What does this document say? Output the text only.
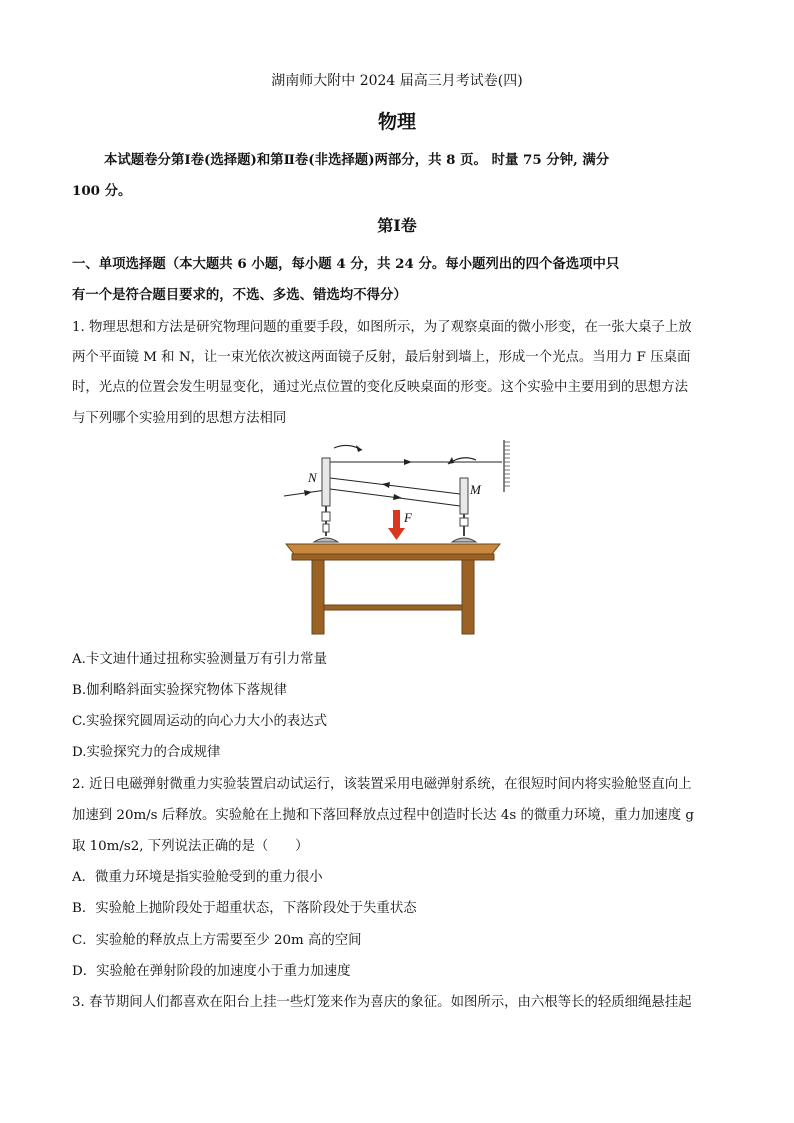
湖南师大附中 2024 届高三月考试卷(四)
物理
本试题卷分第Ⅰ卷(选择题)和第Ⅱ卷(非选择题)两部分，共 8 页。 时量 75 分钟, 满分
100 分。
第Ⅰ卷
一、单项选择题（本大题共 6 小题，每小题 4 分，共 24 分。每小题列出的四个备选项中只
有一个是符合题目要求的，不选、多选、错选均不得分）
1. 物理思想和方法是研究物理问题的重要手段，如图所示，为了观察桌面的微小形变，在一张大桌子上放
两个平面镜 M 和 N，让一束光依次被这两面镜子反射，最后射到墙上，形成一个光点。当用力 F 压桌面
时，光点的位置会发生明显变化，通过光点位置的变化反映桌面的形变。这个实验中主要用到的思想方法
与下列哪个实验用到的思想方法相同
N
M
F
A.卡文迪什通过扭称实验测量万有引力常量
B.伽利略斜面实验探究物体下落规律
C.实验探究圆周运动的向心力大小的表达式
D.实验探究力的合成规律
2. 近日电磁弹射微重力实验装置启动试运行，该装置采用电磁弹射系统，在很短时间内将实验舱竖直向上
加速到 20m/s 后释放。实验舱在上抛和下落回释放点过程中创造时长达 4s 的微重力环境，重力加速度 g
取 10m/s2, 下列说法正确的是（　　）
A．微重力环境是指实验舱受到的重力很小
B．实验舱上抛阶段处于超重状态，下落阶段处于失重状态
C．实验舱的释放点上方需要至少 20m 高的空间
D．实验舱在弹射阶段的加速度小于重力加速度
3. 春节期间人们都喜欢在阳台上挂一些灯笼来作为喜庆的象征。如图所示，由六根等长的轻质细绳悬挂起
